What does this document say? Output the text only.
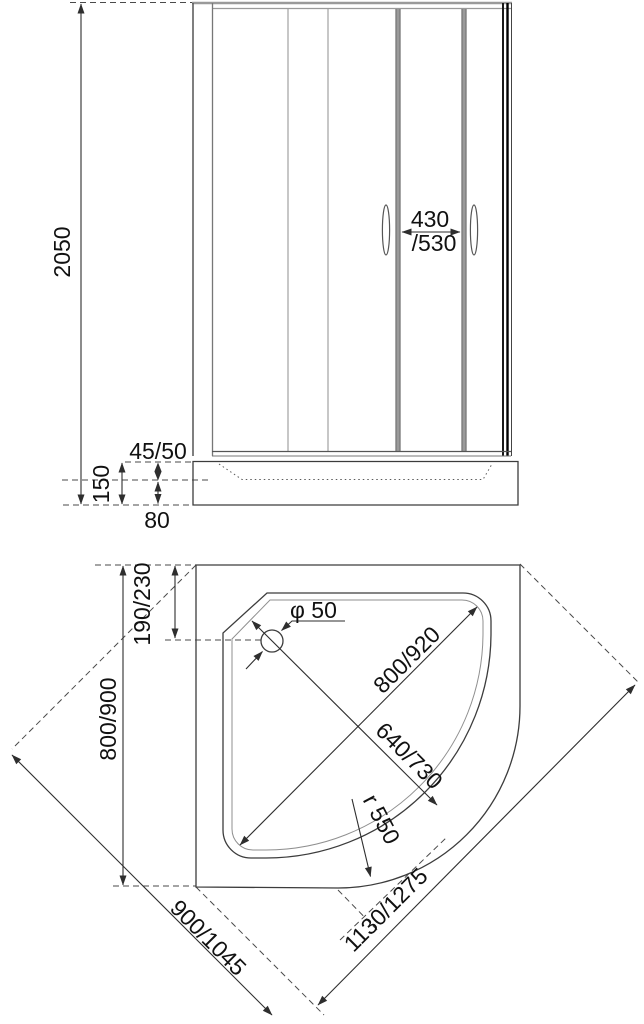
2050
430
/530
45/50
150
80
φ 50
800/900
190/230
800/920
640/730
r 550
900/1045	1130/1275
